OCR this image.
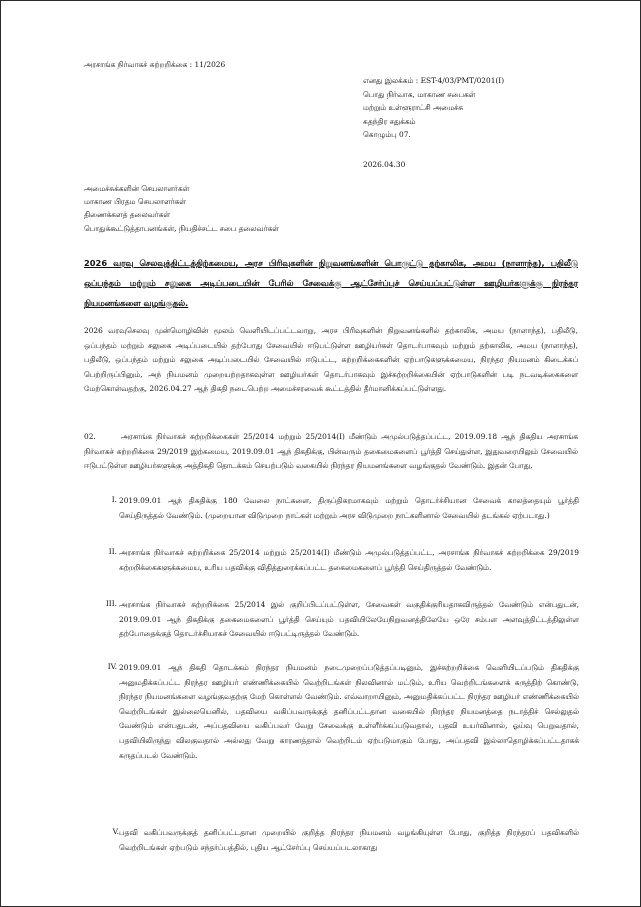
அரசாங்க நிர்வாகச் சுற்றறிக்கை : 11/2026
எனது இலக்கம் : EST-4/03/PMT/0201(I)
பொது நிர்வாக, மாகாண சபைகள்
மற்றும் உள்ளூராட்சி அமைச்சு
சுதந்திர சதுக்கம்
கொழும்பு 07.
2026.04.30
அமைச்சுக்களின் செயலாளர்கள்
மாகாண பிரதம செயலாளர்கள்
திணைக்களத் தலைவர்கள்
பொதுக்கூட்டுத்தாபனங்கள், நியதிச்சட்ட சபை தலைவர்கள்
2026 வரவு செலவுத்திட்டத்திற்கமைய, அரச பிரிவுகளின் நிறுவனங்களின் பொருட்டு தற்காலிக, அமய (நாளாந்த), பதிலீடு ஒப்பந்தம் மற்றும் சலுகை அடிப்படையின் பேரில் சேவைக்கு ஆட்சேர்ப்புச் செய்யப்பட்டுள்ள ஊழியர்களுக்கு நிரந்தர நியமனங்களை வழங்குதல்.
2026 வரவுசெலவு முன்மொழிவின் மூலம் வெளியிடப்பட்டவாறு, அரச பிரிவுகளின் நிறுவனங்களில் தற்காலிக, அமய (நாளாந்த), பதிலீடு, ஒப்பந்தம் மற்றும் சலுகை அடிப்படையில் தற்போது சேவையில் ஈடுபட்டுள்ள ஊழியர்கள் தொடர்பாகவும் மற்றும் தற்காலிக, அமய (நாளாந்த), பதிலீடு, ஒப்பந்தம் மற்றும் சலுகை அடிப்படையில் சேவையில் ஈடுபட்ட, சுற்றறிக்கைகளின் ஏற்பாடுகளுக்கமைய, நிரந்தர நியமனம் கிடைக்கப் பெற்றிருப்பினும், அந் நியமனம் முறையற்றதாகவுள்ள ஊழியர்கள் தொடர்பாகவும் இச்சுற்றறிக்கையின் ஏற்பாடுகளின் படி நடவடிக்கைகளை மேற்கொள்வதற்கு, 2026.04.27 ஆந் திகதி நடைபெற்ற அமைச்சரவைக் கூட்டத்தில் தீர்மானிக்கப்பட்டுள்ளது.
02.      அரசாங்க நிர்வாகச் சுற்றறிக்கைகள் 25/2014 மற்றும் 25/2014(I) மீண்டும் அமுல்படுத்தப்பட்ட, 2019.09.18 ஆந் திகதிய அரசாங்க நிர்வாகச் சுற்றறிக்கை 29/2019 இற்கமைய, 2019.09.01 ஆந் திகதிக்கு, பின்வரும் தகைமைகளைப் பூர்த்தி செய்துள்ள, இதுவரையிலும் சேவையில் ஈடுபட்டுள்ள ஊழியர்களுக்கு அத்திகதி தொடக்கம் செயற்படும் வகையில் நிரந்தர நியமனங்களை வழங்குதல் வேண்டும். இதன் போது,
I. 2019.09.01 ஆந் திகதிக்கு 180 வேலை நாட்களை, திருப்திகரமாகவும் மற்றும் தொடர்ச்சியான சேவைக் காலத்தையும் பூர்த்தி செய்திருத்தல் வேண்டும். (முறையான விடுமுறை நாட்கள் மற்றும் அரச விடுமுறை நாட்களினால் சேவையில் தடங்கல் ஏற்படாது.)
II. அரசாங்க நிர்வாகச் சுற்றறிக்கை 25/2014 மற்றும் 25/2014(I) மீண்டும் அமுல்படுத்தப்பட்ட, அரசாங்க நிர்வாகச் சுற்றறிக்கை 29/2019 சுற்றறிக்கைகளுக்கமைய, உரிய பதவிக்கு விதித்துரைக்கப்பட்ட தகைமைகளைப் பூர்த்தி செய்திருத்தல் வேண்டும்.
III. அரசாங்க நிர்வாகச் சுற்றறிக்கை 25/2014 இல் குறிப்பிடப்பட்டுள்ள, சேவைகள் வகுதிக்குரியதாகவிருத்தல் வேண்டும் என்பதுடன், 2019.09.01 ஆந் திகதிக்கு தகைமைகளைப் பூர்த்தி செய்யும் பதவியிலேயேநிறுவனத்திலேயே ஒரே சம்பள அளவுத்திட்டத்திலுள்ள தற்போதைக்குத் தொடர்ச்சியாகச் சேவையில் ஈடுபட்டிருத்தல் வேண்டும்.
IV. 2019.09.01 ஆந் திகதி தொடக்கம் நிரந்தர நியமனம் நடைமுறைப்படுத்தப்படினும், இச்சுற்றறிக்கை வெளியிடப்படும் திகதிக்கு அனுமதிக்கப்பட்ட நிரந்தர ஊழியர் எண்ணிக்கையில் வெற்றிடங்கள் நிலவினால் மட்டும், உரிய வெற்றிடங்களைக் கருத்திற் கொண்டு, நிரந்தர நியமனங்களை வழங்குவதற்கு மேற் கொள்ளல் வேண்டும். எவ்வாறாயினும், அனுமதிக்கப்பட்ட நிரந்தர ஊழியர் எண்ணிக்கையில் வெற்றிடங்கள் இல்லையெனில், பதவியை வகிப்பவருக்குத் தனிப்பட்டதான வகையில் நிரந்தர நியமனத்தை நடாத்திச் செல்லுதல் வேண்டும் என்பதுடன், அப்பதவியை வகிப்பவர் வேறு சேவைக்கு உள்ளீர்க்கப்படுவதால், பதவி உயர்வினால், ஓய்வு பெறுவதால், பதவியிலிருந்து விலகுவதால் அல்லது வேறு காரணத்தால் வெற்றிடம் ஏற்படுமாகும் போது, அப்பதவி இல்லாதொழிக்கப்பட்டதாகக் கருதப்படல் வேண்டும்.
V. பதவி வகிப்பவருக்குத் தனிப்பட்டதான முறையில் குறித்த நிரந்தர நியமனம் வழங்கியுள்ள போது, குறித்த நிரந்தரப் பதவிகளில் வெற்றிடங்கள் ஏற்படும் சந்தர்ப்பத்தில், புதிய ஆட்சேர்ப்பு செய்யப்படலாகாது
